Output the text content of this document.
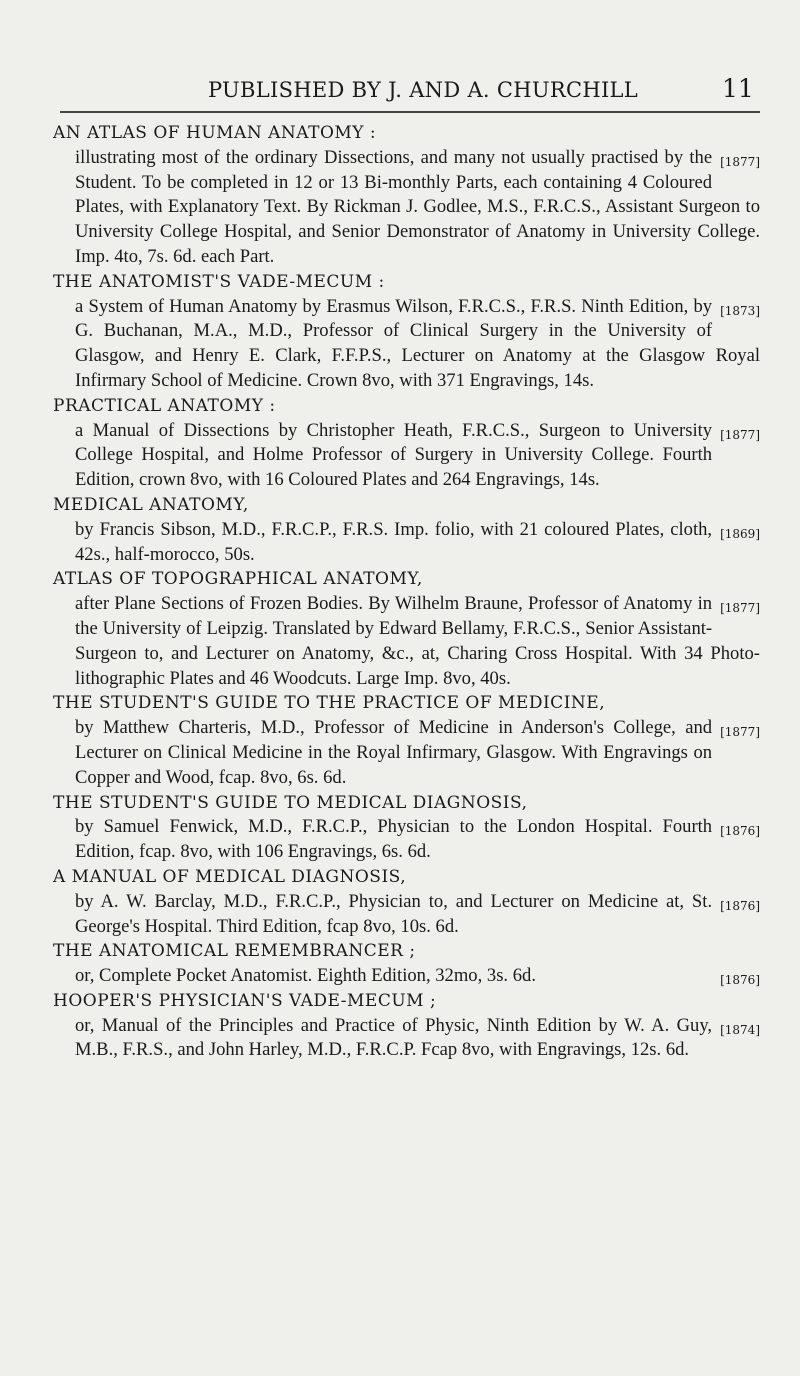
PUBLISHED BY J. AND A. CHURCHILL	11
AN ATLAS OF HUMAN ANATOMY :
[1877]
illustrating most of the ordinary Dissections, and many not usually practised by the Student. To be completed in 12 or 13 Bi-monthly Parts, each containing 4 Coloured Plates, with Explanatory Text. By Rickman J. Godlee, M.S., F.R.C.S., Assistant Surgeon to University College Hospital, and Senior Demonstrator of Anatomy in University College. Imp. 4to, 7s. 6d. each Part.
THE ANATOMIST'S VADE-MECUM :
[1873]
a System of Human Anatomy by Erasmus Wilson, F.R.C.S., F.R.S. Ninth Edition, by G. Buchanan, M.A., M.D., Professor of Clinical Surgery in the University of Glasgow, and Henry E. Clark, F.F.P.S., Lecturer on Anatomy at the Glasgow Royal Infirmary School of Medicine. Crown 8vo, with 371 Engravings, 14s.
PRACTICAL ANATOMY :
[1877]
a Manual of Dissections by Christopher Heath, F.R.C.S., Surgeon to University College Hospital, and Holme Professor of Surgery in University College. Fourth Edition, crown 8vo, with 16 Coloured Plates and 264 Engravings, 14s.
MEDICAL ANATOMY,
[1869]
by Francis Sibson, M.D., F.R.C.P., F.R.S. Imp. folio, with 21 coloured Plates, cloth, 42s., half-morocco, 50s.
ATLAS OF TOPOGRAPHICAL ANATOMY,
[1877]
after Plane Sections of Frozen Bodies. By Wilhelm Braune, Professor of Anatomy in the University of Leipzig. Translated by Edward Bellamy, F.R.C.S., Senior Assistant-Surgeon to, and Lecturer on Anatomy, &c., at, Charing Cross Hospital. With 34 Photo-lithographic Plates and 46 Woodcuts. Large Imp. 8vo, 40s.
THE STUDENT'S GUIDE TO THE PRACTICE OF MEDICINE,
[1877]
by Matthew Charteris, M.D., Professor of Medicine in Anderson's College, and Lecturer on Clinical Medicine in the Royal Infirmary, Glasgow. With Engravings on Copper and Wood, fcap. 8vo, 6s. 6d.
THE STUDENT'S GUIDE TO MEDICAL DIAGNOSIS,
[1876]
by Samuel Fenwick, M.D., F.R.C.P., Physician to the London Hospital. Fourth Edition, fcap. 8vo, with 106 Engravings, 6s. 6d.
A MANUAL OF MEDICAL DIAGNOSIS,
[1876]
by A. W. Barclay, M.D., F.R.C.P., Physician to, and Lecturer on Medicine at, St. George's Hospital. Third Edition, fcap 8vo, 10s. 6d.
THE ANATOMICAL REMEMBRANCER ;
[1876]
or, Complete Pocket Anatomist. Eighth Edition, 32mo, 3s. 6d.
HOOPER'S PHYSICIAN'S VADE-MECUM ;
[1874]
or, Manual of the Principles and Practice of Physic, Ninth Edition by W. A. Guy, M.B., F.R.S., and John Harley, M.D., F.R.C.P. Fcap 8vo, with Engravings, 12s. 6d.
